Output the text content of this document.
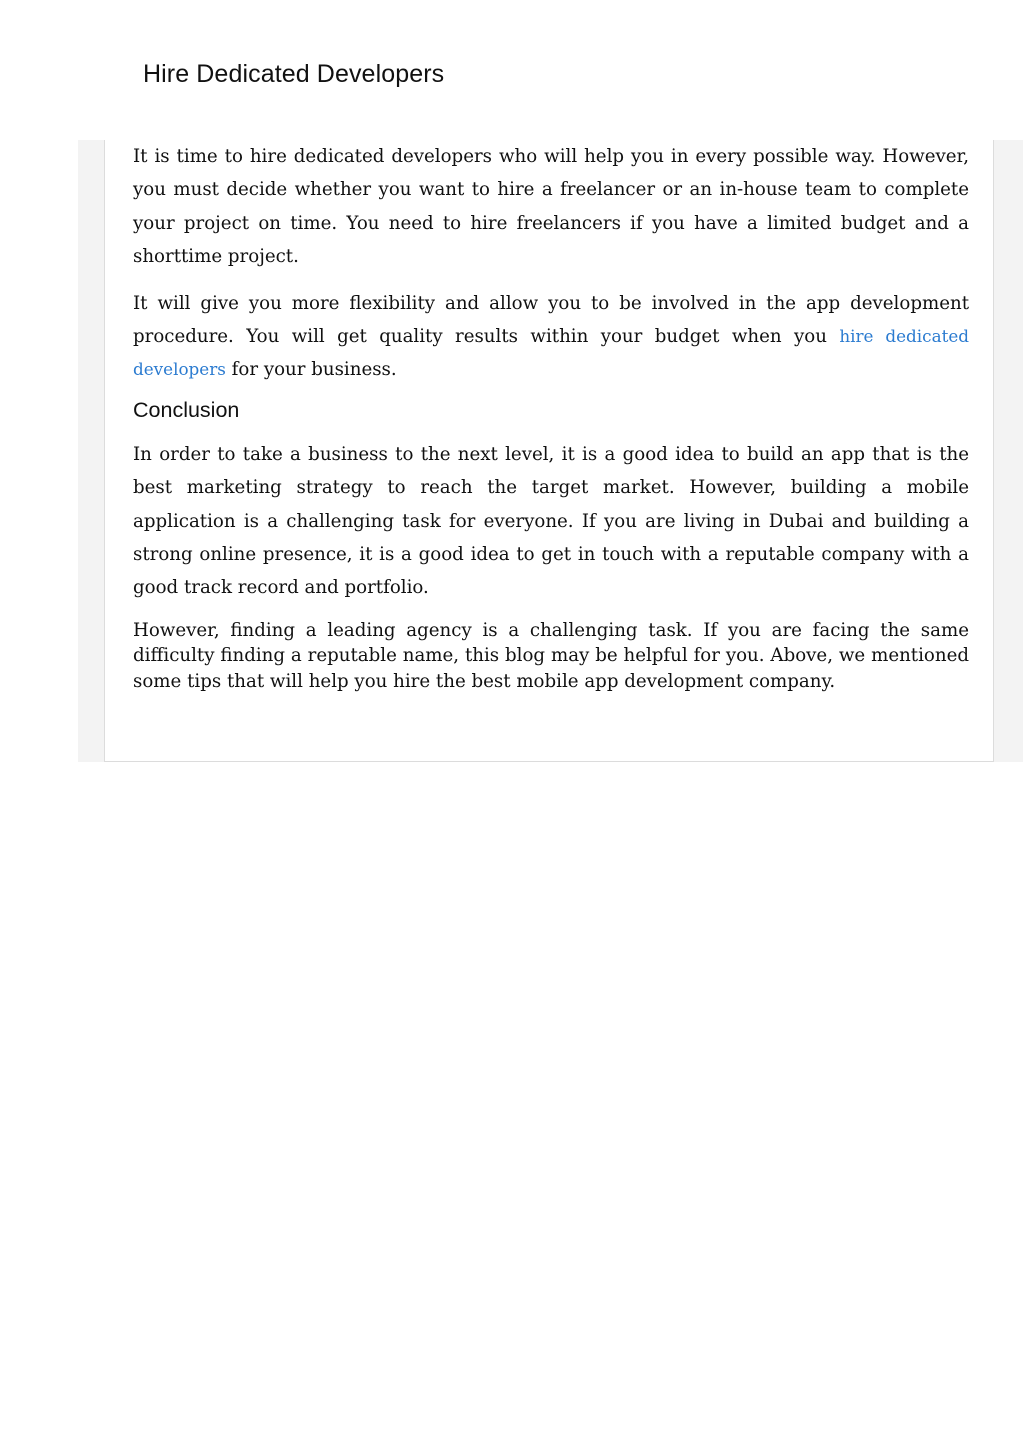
Hire Dedicated Developers

It is time to hire dedicated developers who will help you in every possible way. However, you must decide whether you want to hire a freelancer or an in-house team to complete your project on time. You need to hire freelancers if you have a limited budget and a shorttime project.

It will give you more flexibility and allow you to be involved in the app development procedure. You will get quality results within your budget when you hire dedicated developers for your business.

Conclusion

In order to take a business to the next level, it is a good idea to build an app that is the best marketing strategy to reach the target market. However, building a mobile application is a challenging task for everyone. If you are living in Dubai and building a strong online presence, it is a good idea to get in touch with a reputable company with a good track record and portfolio.

However, finding a leading agency is a challenging task. If you are facing the same difficulty finding a reputable name, this blog may be helpful for you. Above, we mentioned some tips that will help you hire the best mobile app development company.
